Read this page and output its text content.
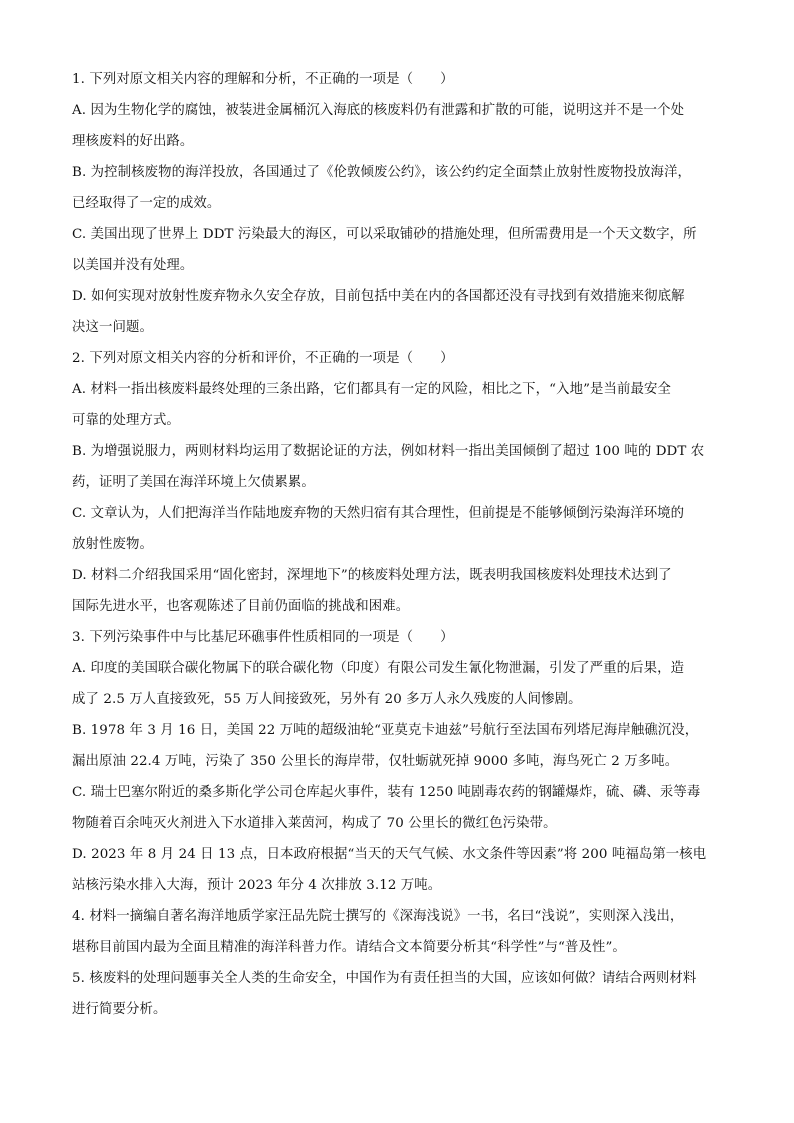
1. 下列对原文相关内容的理解和分析，不正确的一项是（　　）
A. 因为生物化学的腐蚀，被装进金属桶沉入海底的核废料仍有泄露和扩散的可能，说明这并不是一个处
理核废料的好出路。
B. 为控制核废物的海洋投放，各国通过了《伦敦倾废公约》，该公约约定全面禁止放射性废物投放海洋，
已经取得了一定的成效。
C. 美国出现了世界上 DDT 污染最大的海区，可以采取铺砂的措施处理，但所需费用是一个天文数字，所
以美国并没有处理。
D. 如何实现对放射性废弃物永久安全存放，目前包括中美在内的各国都还没有寻找到有效措施来彻底解
决这一问题。
2. 下列对原文相关内容的分析和评价，不正确的一项是（　　）
A. 材料一指出核废料最终处理的三条出路，它们都具有一定的风险，相比之下，“入地”是当前最安全
可靠的处理方式。
B. 为增强说服力，两则材料均运用了数据论证的方法，例如材料一指出美国倾倒了超过 100 吨的 DDT 农
药，证明了美国在海洋环境上欠债累累。
C. 文章认为，人们把海洋当作陆地废弃物的天然归宿有其合理性，但前提是不能够倾倒污染海洋环境的
放射性废物。
D. 材料二介绍我国采用“固化密封，深埋地下”的核废料处理方法，既表明我国核废料处理技术达到了
国际先进水平，也客观陈述了目前仍面临的挑战和困难。
3. 下列污染事件中与比基尼环礁事件性质相同的一项是（　　）
A. 印度的美国联合碳化物属下的联合碳化物（印度）有限公司发生氰化物泄漏，引发了严重的后果，造
成了 2.5 万人直接致死，55 万人间接致死，另外有 20 多万人永久残废的人间惨剧。
B. 1978 年 3 月 16 日，美国 22 万吨的超级油轮“亚莫克卡迪兹”号航行至法国布列塔尼海岸触礁沉没，
漏出原油 22.4 万吨，污染了 350 公里长的海岸带，仅牡蛎就死掉 9000 多吨，海鸟死亡 2 万多吨。
C. 瑞士巴塞尔附近的桑多斯化学公司仓库起火事件，装有 1250 吨剧毒农药的钢罐爆炸，硫、磷、汞等毒
物随着百余吨灭火剂进入下水道排入莱茵河，构成了 70 公里长的微红色污染带。
D. 2023 年 8 月 24 日 13 点，日本政府根据“当天的天气气候、水文条件等因素”将 200 吨福岛第一核电
站核污染水排入大海，预计 2023 年分 4 次排放 3.12 万吨。
4. 材料一摘编自著名海洋地质学家汪品先院士撰写的《深海浅说》一书，名曰“浅说”，实则深入浅出，
堪称目前国内最为全面且精准的海洋科普力作。请结合文本简要分析其“科学性”与“普及性”。
5. 核废料的处理问题事关全人类的生命安全，中国作为有责任担当的大国，应该如何做？请结合两则材料
进行简要分析。
